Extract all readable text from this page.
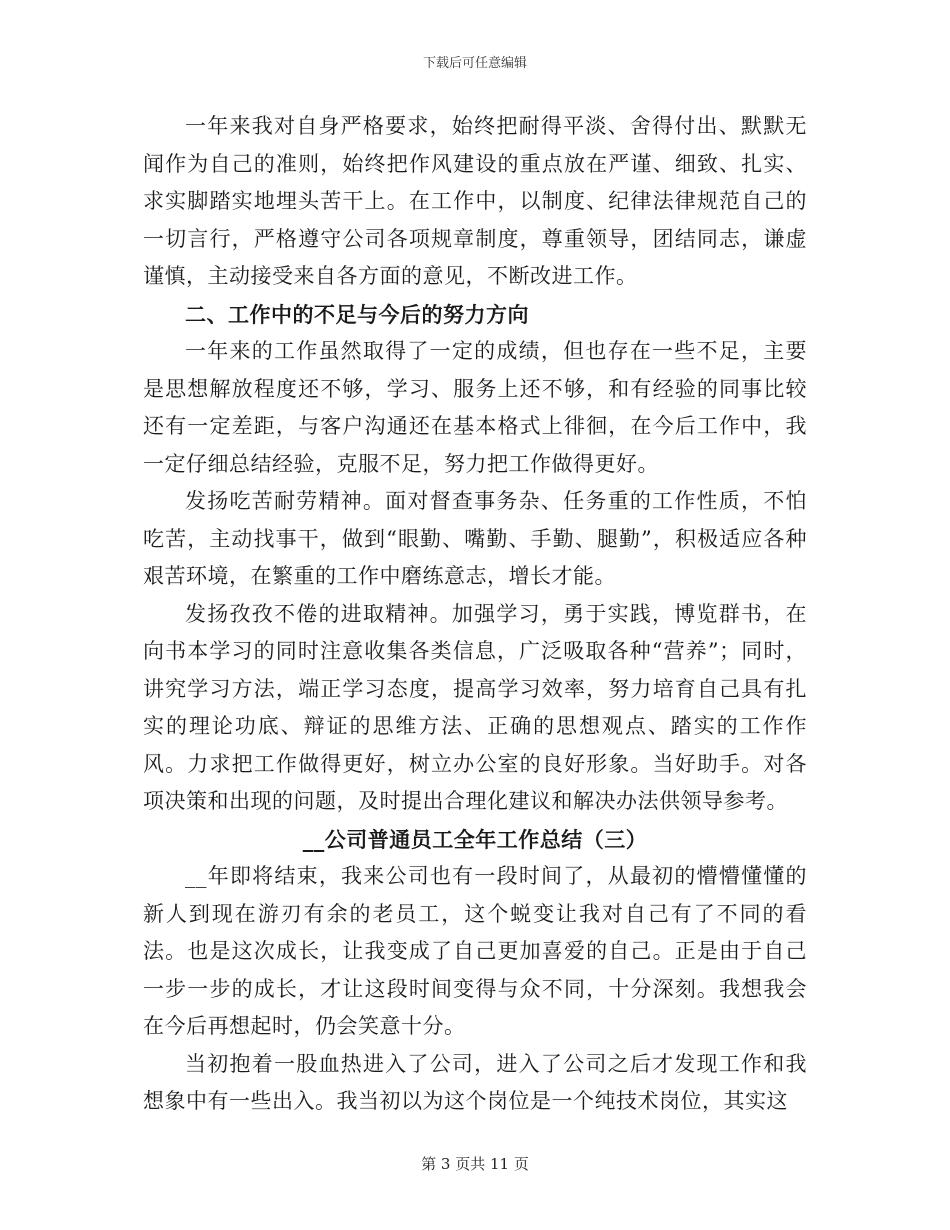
下载后可任意编辑

一年来我对自身严格要求，始终把耐得平淡、舍得付出、默默无闻作为自己的准则，始终把作风建设的重点放在严谨、细致、扎实、求实脚踏实地埋头苦干上。在工作中，以制度、纪律法律规范自己的一切言行，严格遵守公司各项规章制度，尊重领导，团结同志，谦虚谨慎，主动接受来自各方面的意见，不断改进工作。

二、工作中的不足与今后的努力方向

一年来的工作虽然取得了一定的成绩，但也存在一些不足，主要是思想解放程度还不够，学习、服务上还不够，和有经验的同事比较还有一定差距，与客户沟通还在基本格式上徘徊，在今后工作中，我一定仔细总结经验，克服不足，努力把工作做得更好。

发扬吃苦耐劳精神。面对督查事务杂、任务重的工作性质，不怕吃苦，主动找事干，做到“眼勤、嘴勤、手勤、腿勤”，积极适应各种艰苦环境，在繁重的工作中磨练意志，增长才能。

发扬孜孜不倦的进取精神。加强学习，勇于实践，博览群书，在向书本学习的同时注意收集各类信息，广泛吸取各种“营养”；同时，讲究学习方法，端正学习态度，提高学习效率，努力培育自己具有扎实的理论功底、辩证的思维方法、正确的思想观点、踏实的工作作风。力求把工作做得更好，树立办公室的良好形象。当好助手。对各项决策和出现的问题，及时提出合理化建议和解决办法供领导参考。

__公司普通员工全年工作总结（三）

__年即将结束，我来公司也有一段时间了，从最初的懵懵懂懂的新人到现在游刃有余的老员工，这个蜕变让我对自己有了不同的看法。也是这次成长，让我变成了自己更加喜爱的自己。正是由于自己一步一步的成长，才让这段时间变得与众不同，十分深刻。我想我会在今后再想起时，仍会笑意十分。

当初抱着一股血热进入了公司，进入了公司之后才发现工作和我想象中有一些出入。我当初以为这个岗位是一个纯技术岗位，其实这

第 3 页共 11 页
